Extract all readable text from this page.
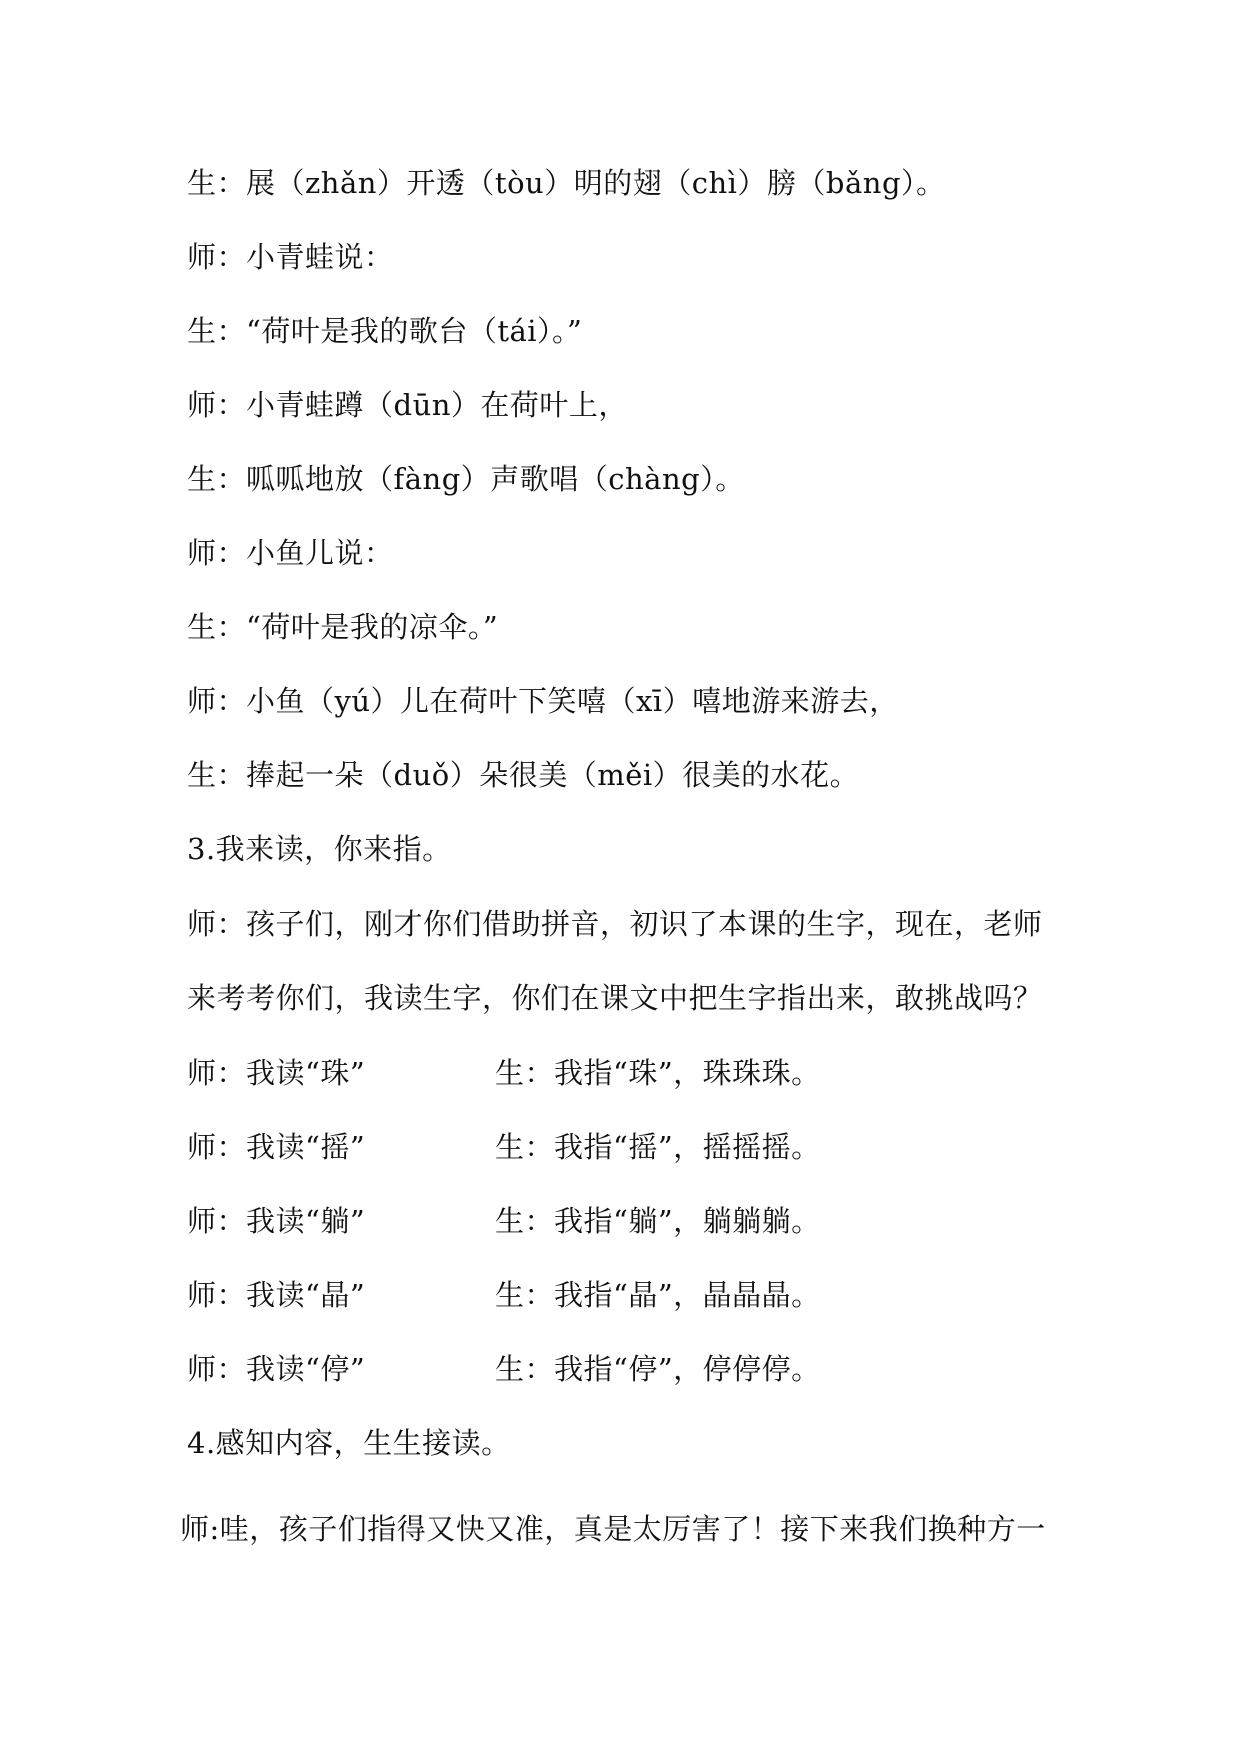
生：展（zhǎn）开透（tòu）明的翅（chì）膀（bǎng）。
师：小青蛙说：
生：“荷叶是我的歌台（tái）。”
师：小青蛙蹲（dūn）在荷叶上，
生：呱呱地放（fàng）声歌唱（chàng）。
师：小鱼儿说：
生：“荷叶是我的凉伞。”
师：小鱼（yú）儿在荷叶下笑嘻（xī）嘻地游来游去，
生：捧起一朵（duǒ）朵很美（měi）很美的水花。
3.我来读，你来指。
师：孩子们，刚才你们借助拼音，初识了本课的生字，现在，老师
来考考你们，我读生字，你们在课文中把生字指出来，敢挑战吗？
师：我读“珠”	生：我指“珠”，珠珠珠。
师：我读“摇”	生：我指“摇”，摇摇摇。
师：我读“躺”	生：我指“躺”，躺躺躺。
师：我读“晶”	生：我指“晶”，晶晶晶。
师：我读“停”	生：我指“停”，停停停。
4.感知内容，生生接读。
师:哇，孩子们指得又快又准，真是太厉害了！接下来我们换种方一
